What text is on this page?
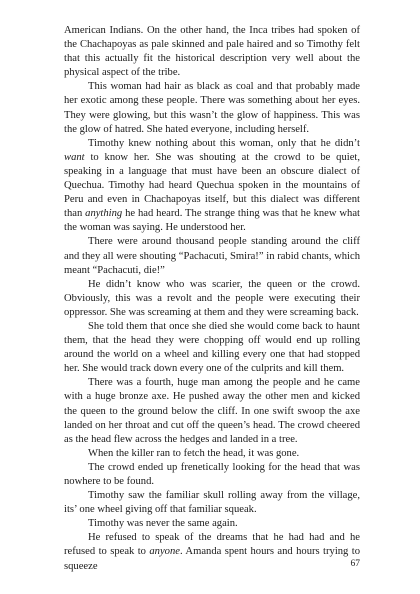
American Indians. On the other hand, the Inca tribes had spoken of the Chachapoyas as pale skinned and pale haired and so Timothy felt that this actually fit the historical description very well about the physical aspect of the tribe.

This woman had hair as black as coal and that probably made her exotic among these people. There was something about her eyes. They were glowing, but this wasn’t the glow of happiness. This was the glow of hatred. She hated everyone, including herself.

Timothy knew nothing about this woman, only that he didn’t want to know her. She was shouting at the crowd to be quiet, speaking in a language that must have been an obscure dialect of Quechua. Timothy had heard Quechua spoken in the mountains of Peru and even in Chachapoyas itself, but this dialect was different than anything he had heard. The strange thing was that he knew what the woman was saying. He understood her.

There were around thousand people standing around the cliff and they all were shouting “Pachacuti, Smira!” in rabid chants, which meant “Pachacuti, die!”

He didn’t know who was scarier, the queen or the crowd. Obviously, this was a revolt and the people were executing their oppressor. She was screaming at them and they were screaming back.

She told them that once she died she would come back to haunt them, that the head they were chopping off would end up rolling around the world on a wheel and killing every one that had stopped her. She would track down every one of the culprits and kill them.

There was a fourth, huge man among the people and he came with a huge bronze axe. He pushed away the other men and kicked the queen to the ground below the cliff. In one swift swoop the axe landed on her throat and cut off the queen’s head. The crowd cheered as the head flew across the hedges and landed in a tree.

When the killer ran to fetch the head, it was gone.

The crowd ended up frenetically looking for the head that was nowhere to be found.

Timothy saw the familiar skull rolling away from the village, its’ one wheel giving off that familiar squeak.

Timothy was never the same again.

He refused to speak of the dreams that he had had and he refused to speak to anyone. Amanda spent hours and hours trying to squeeze	67
